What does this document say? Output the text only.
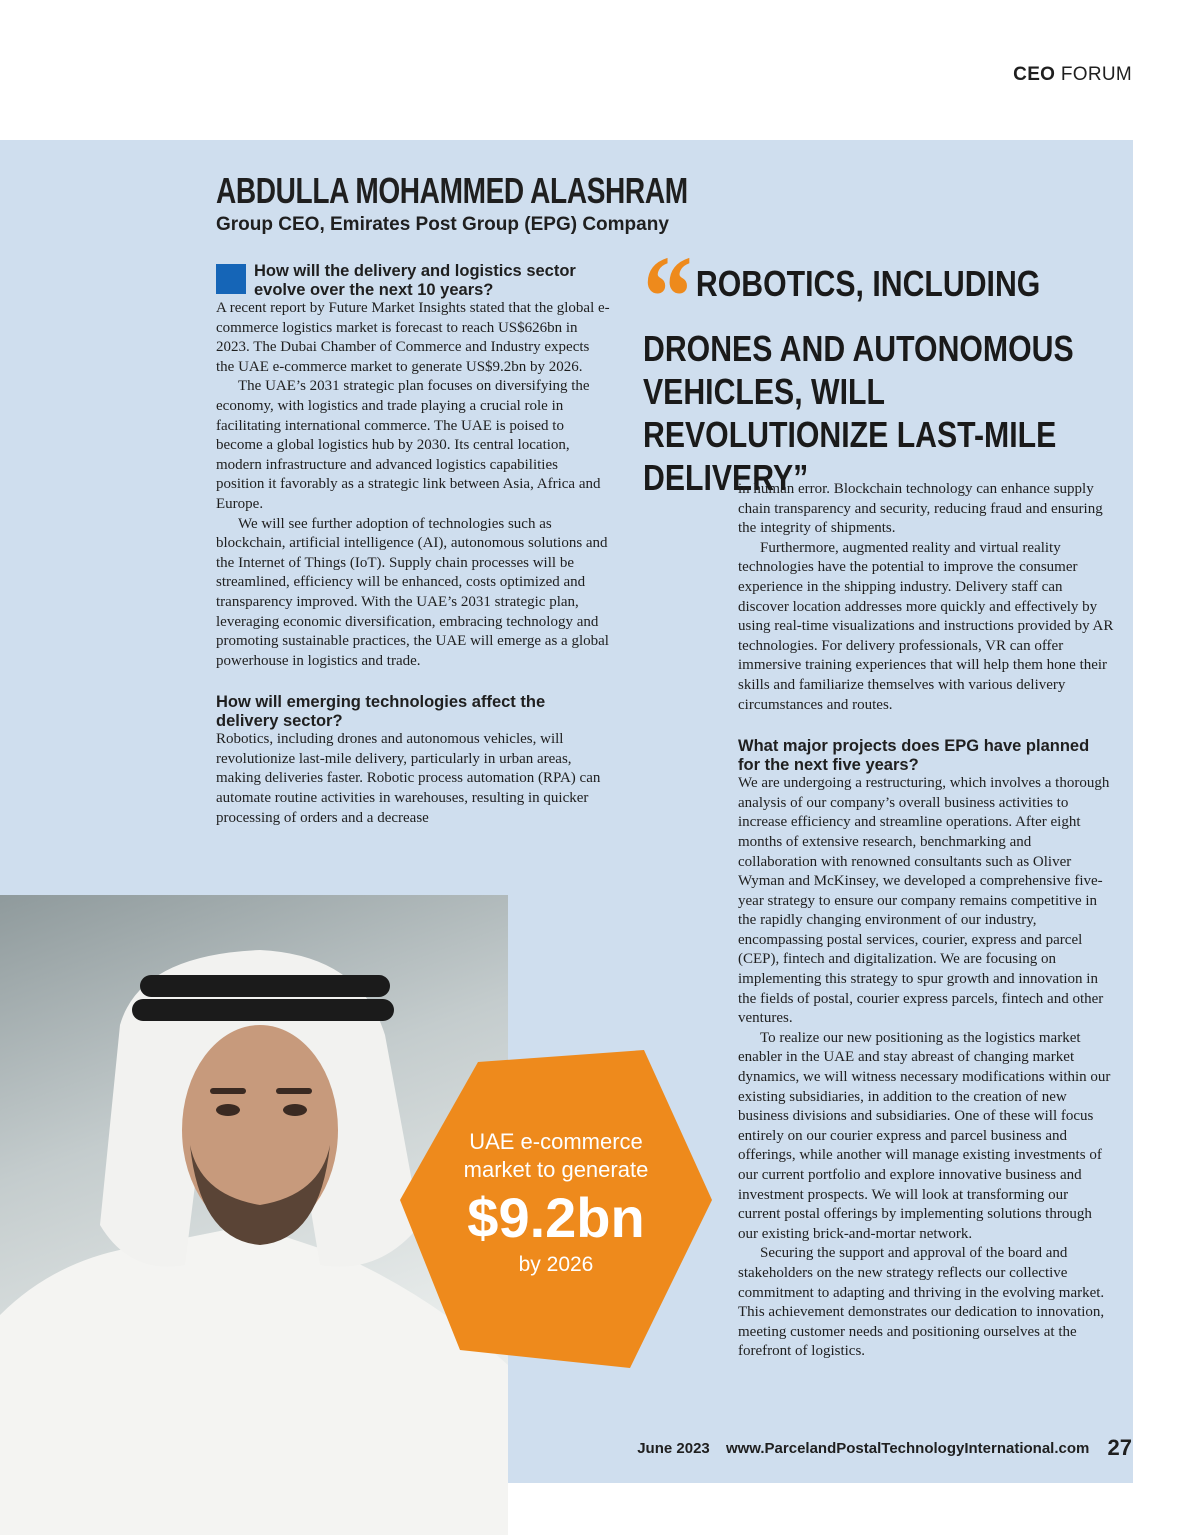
CEO FORUM
ABDULLA MOHAMMED ALASHRAM
Group CEO, Emirates Post Group (EPG) Company
How will the delivery and logistics sector evolve over the next 10 years?

A recent report by Future Market Insights stated that the global e-commerce logistics market is forecast to reach US$626bn in 2023. The Dubai Chamber of Commerce and Industry expects the UAE e-commerce market to generate US$9.2bn by 2026.

The UAE’s 2031 strategic plan focuses on diversifying the economy, with logistics and trade playing a crucial role in facilitating international commerce. The UAE is poised to become a global logistics hub by 2030. Its central location, modern infrastructure and advanced logistics capabilities position it favorably as a strategic link between Asia, Africa and Europe.

We will see further adoption of technologies such as blockchain, artificial intelligence (AI), autonomous solutions and the Internet of Things (IoT). Supply chain processes will be streamlined, efficiency will be enhanced, costs optimized and transparency improved. With the UAE’s 2031 strategic plan, leveraging economic diversification, embracing technology and promoting sustainable practices, the UAE will emerge as a global powerhouse in logistics and trade.

How will emerging technologies affect the delivery sector?

Robotics, including drones and autonomous vehicles, will revolutionize last-mile delivery, particularly in urban areas, making deliveries faster. Robotic process automation (RPA) can automate routine activities in warehouses, resulting in quicker processing of orders and a decrease

“ ROBOTICS, INCLUDING DRONES AND AUTONOMOUS VEHICLES, WILL REVOLUTIONIZE LAST-MILE DELIVERY”

in human error. Blockchain technology can enhance supply chain transparency and security, reducing fraud and ensuring the integrity of shipments.

Furthermore, augmented reality and virtual reality technologies have the potential to improve the consumer experience in the shipping industry. Delivery staff can discover location addresses more quickly and effectively by using real-time visualizations and instructions provided by AR technologies. For delivery professionals, VR can offer immersive training experiences that will help them hone their skills and familiarize themselves with various delivery circumstances and routes.

What major projects does EPG have planned for the next five years?

We are undergoing a restructuring, which involves a thorough analysis of our company’s overall business activities to increase efficiency and streamline operations. After eight months of extensive research, benchmarking and collaboration with renowned consultants such as Oliver Wyman and McKinsey, we developed a comprehensive five-year strategy to ensure our company remains competitive in the rapidly changing environment of our industry, encompassing postal services, courier, express and parcel (CEP), fintech and digitalization. We are focusing on implementing this strategy to spur growth and innovation in the fields of postal, courier express parcels, fintech and other ventures.

To realize our new positioning as the logistics market enabler in the UAE and stay abreast of changing market dynamics, we will witness necessary modifications within our existing subsidiaries, in addition to the creation of new business divisions and subsidiaries. One of these will focus entirely on our courier express and parcel business and offerings, while another will manage existing investments of our current portfolio and explore innovative business and investment prospects. We will look at transforming our current postal offerings by implementing solutions through our existing brick-and-mortar network.

Securing the support and approval of the board and stakeholders on the new strategy reflects our collective commitment to adapting and thriving in the evolving market. This achievement demonstrates our dedication to innovation, meeting customer needs and positioning ourselves at the forefront of logistics.

UAE e-commerce
market to generate
$9.2bn
by 2026
June 2023 www.ParcelandPostalTechnologyInternational.com 27
